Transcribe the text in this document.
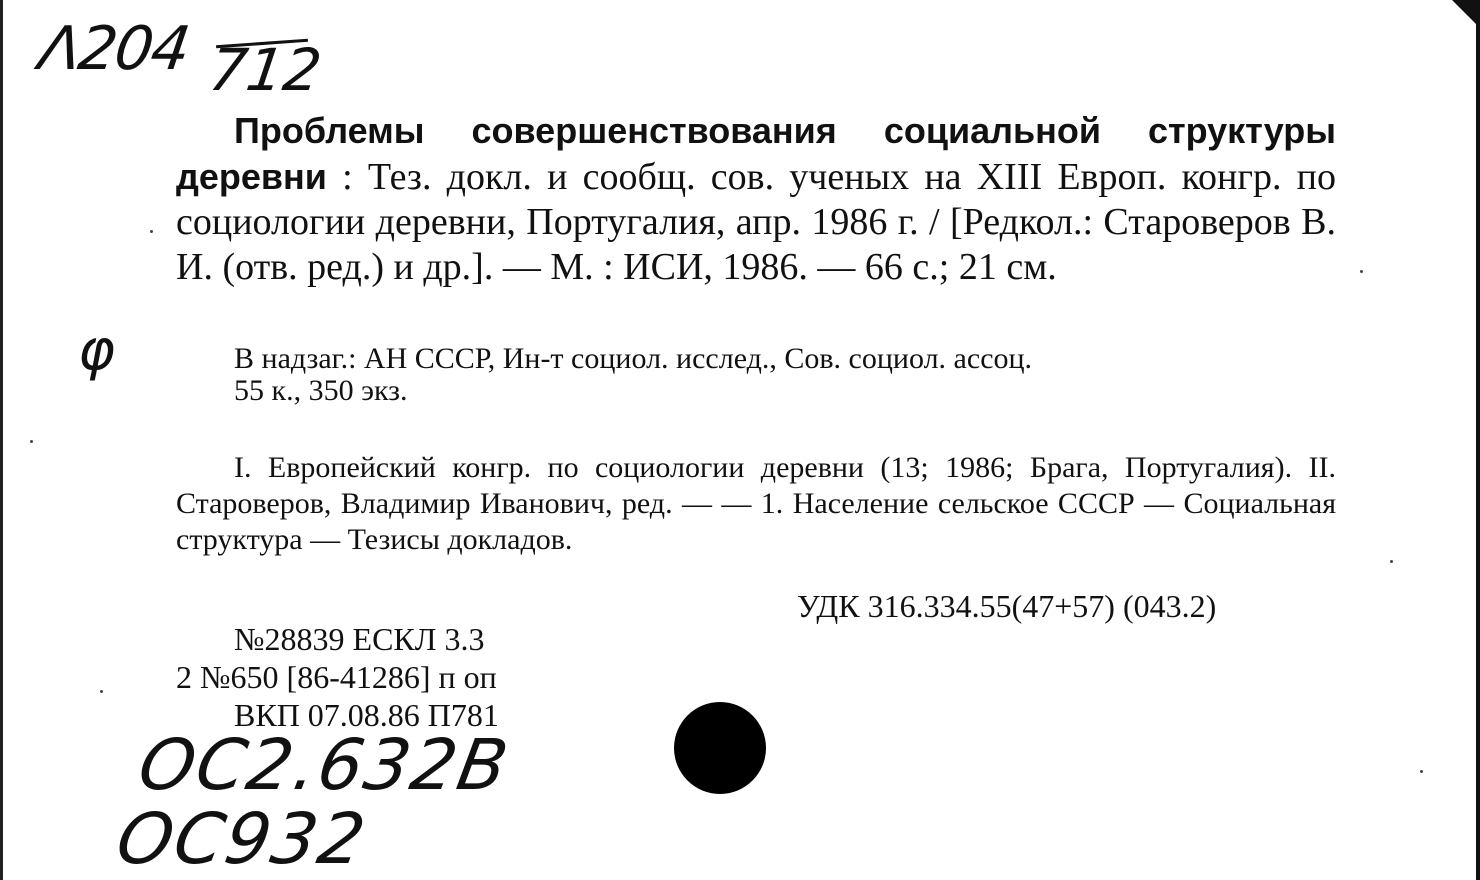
Λ204 712
φ
Проблемы совершенствования социальной структуры деревни : Тез. докл. и сообщ. сов. ученых на XIII Европ. конгр. по социологии деревни, Португалия, апр. 1986 г. / [Редкол.: Староверов В. И. (отв. ред.) и др.]. — М. : ИСИ, 1986. — 66 с.; 21 см.
В надзаг.: АН СССР, Ин-т социол. исслед., Сов. социол. ассоц.
55 к., 350 экз.
I. Европейский конгр. по социологии деревни (13; 1986; Брага, Португалия). II. Староверов, Владимир Иванович, ред. — — 1. Население сельское СССР — Социальная структура — Тезисы докладов.
УДК 316.334.55(47+57) (043.2)
№28839 ЕСКЛ 3.3
2 №650 [86-41286] п оп
ВКП 07.08.86 П781
ОС2.632В
ОС932
